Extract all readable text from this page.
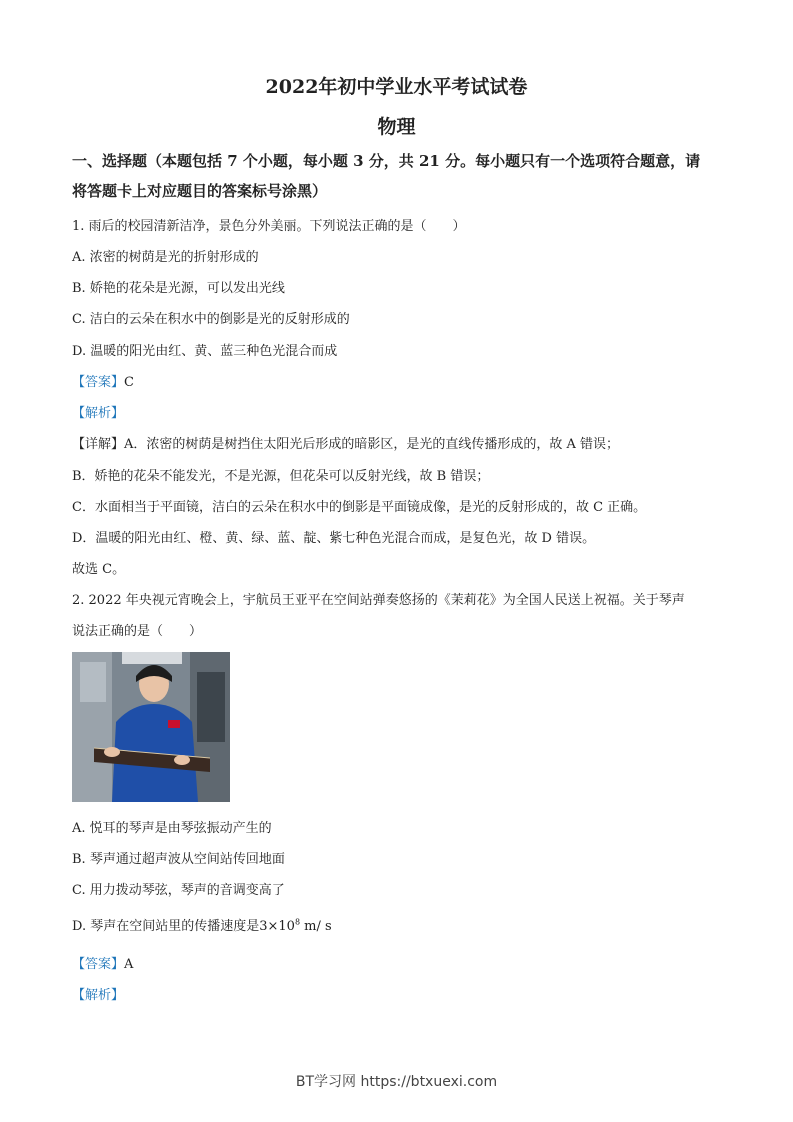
2022年初中学业水平考试试卷
物理
一、选择题（本题包括 7 个小题，每小题 3 分，共 21 分。每小题只有一个选项符合题意，请
将答题卡上对应题目的答案标号涂黑）
1. 雨后的校园清新洁净，景色分外美丽。下列说法正确的是（　　）
A. 浓密的树荫是光的折射形成的
B. 娇艳的花朵是光源，可以发出光线
C. 洁白的云朵在积水中的倒影是光的反射形成的
D. 温暖的阳光由红、黄、蓝三种色光混合而成
【答案】C
【解析】
【详解】A．浓密的树荫是树挡住太阳光后形成的暗影区，是光的直线传播形成的，故 A 错误；
B．娇艳的花朵不能发光，不是光源，但花朵可以反射光线，故 B 错误；
C．水面相当于平面镜，洁白的云朵在积水中的倒影是平面镜成像，是光的反射形成的，故 C 正确。
D．温暖的阳光由红、橙、黄、绿、蓝、靛、紫七种色光混合而成，是复色光，故 D 错误。
故选 C。
2. 2022 年央视元宵晚会上，宇航员王亚平在空间站弹奏悠扬的《茉莉花》为全国人民送上祝福。关于琴声
说法正确的是（　　）
A. 悦耳的琴声是由琴弦振动产生的
B. 琴声通过超声波从空间站传回地面
C. 用力拨动琴弦，琴声的音调变高了
D. 琴声在空间站里的传播速度是$3\times 10^8$ m/ s
【答案】A
【解析】
BT学习网 https://btxuexi.com
